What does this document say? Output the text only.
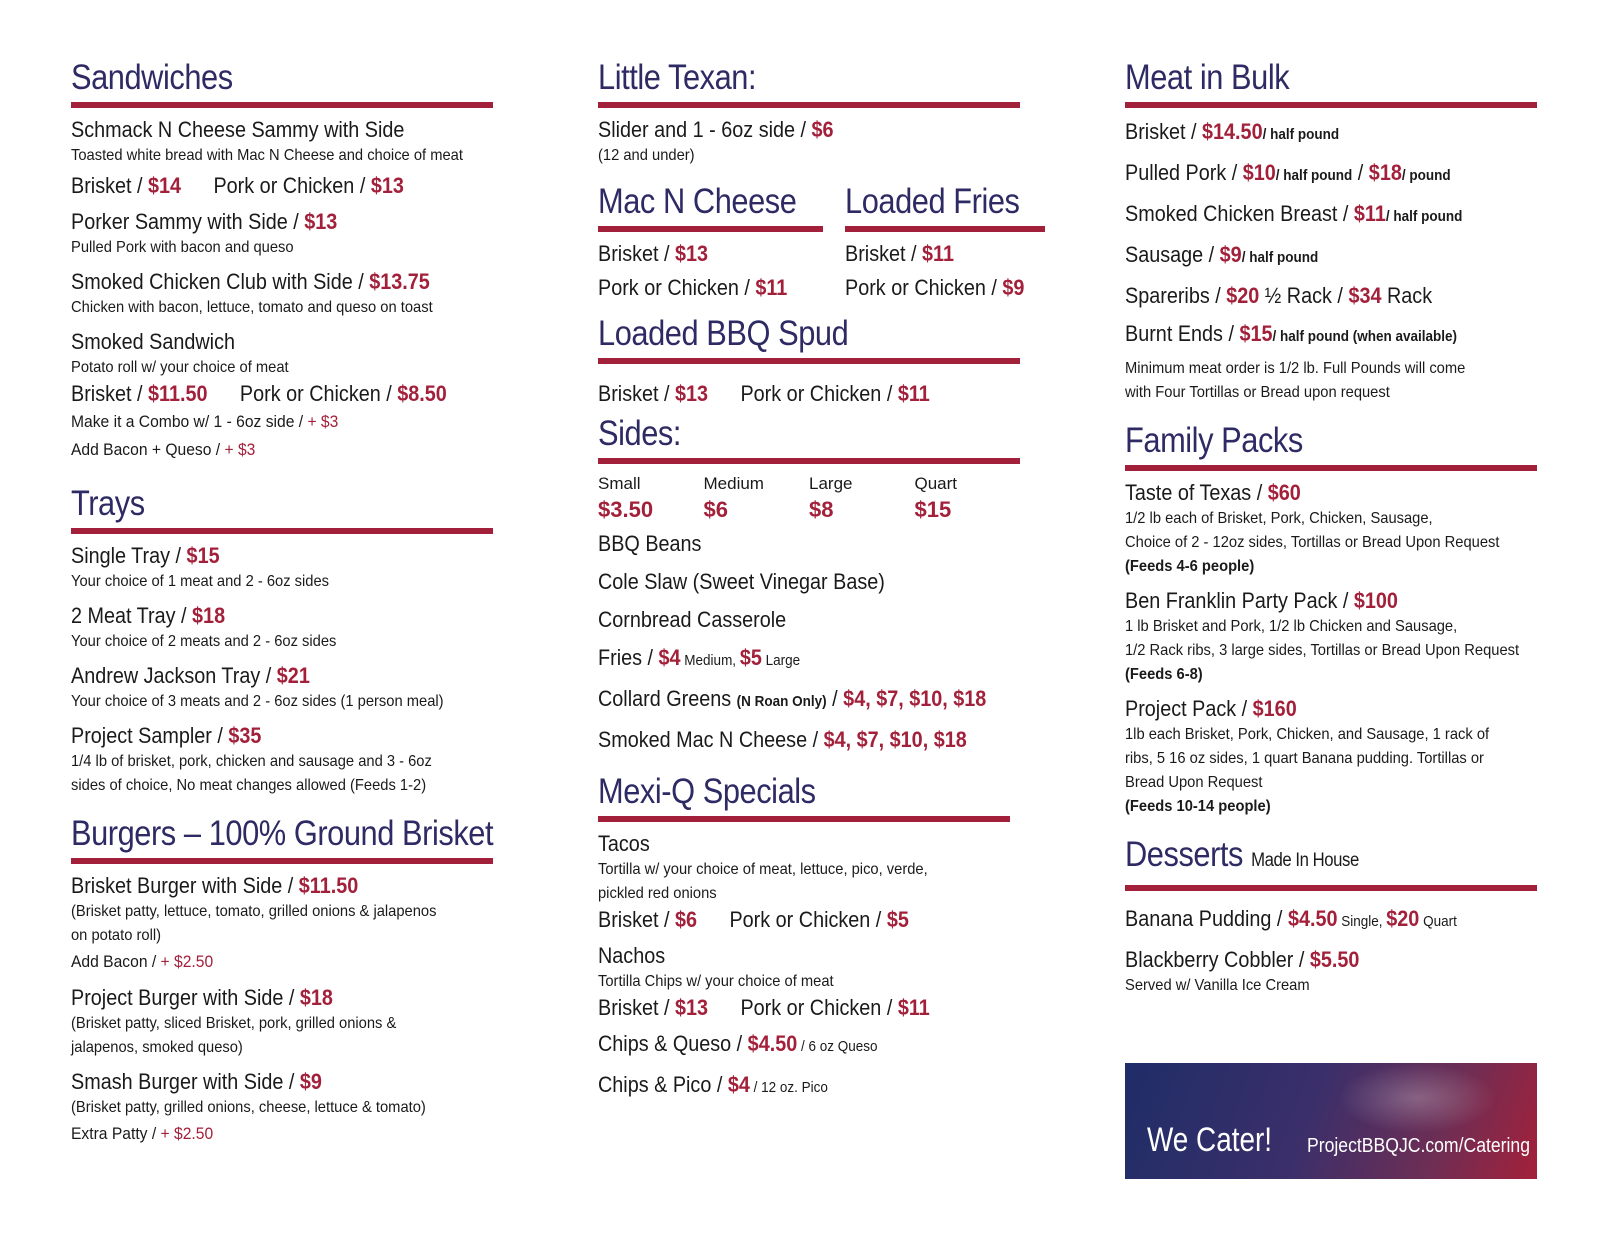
Sandwiches
Schmack N Cheese Sammy with Side
Toasted white bread with Mac N Cheese and choice of meat
Brisket / $14 Pork or Chicken / $13
Porker Sammy with Side / $13
Pulled Pork with bacon and queso
Smoked Chicken Club with Side / $13.75
Chicken with bacon, lettuce, tomato and queso on toast
Smoked Sandwich
Potato roll w/ your choice of meat
Brisket / $11.50 Pork or Chicken / $8.50
Make it a Combo w/ 1 - 6oz side / + $3
Add Bacon + Queso / + $3
Trays
Single Tray / $15
Your choice of 1 meat and 2 - 6oz sides
2 Meat Tray / $18
Your choice of 2 meats and 2 - 6oz sides
Andrew Jackson Tray / $21
Your choice of 3 meats and 2 - 6oz sides (1 person meal)
Project Sampler / $35
1/4 lb of brisket, pork, chicken and sausage and 3 - 6oz
sides of choice, No meat changes allowed (Feeds 1-2)
Burgers – 100% Ground Brisket
Brisket Burger with Side / $11.50
(Brisket patty, lettuce, tomato, grilled onions & jalapenos
on potato roll)
Add Bacon / + $2.50
Project Burger with Side / $18
(Brisket patty, sliced Brisket, pork, grilled onions &
jalapenos, smoked queso)
Smash Burger with Side / $9
(Brisket patty, grilled onions, cheese, lettuce & tomato)
Extra Patty / + $2.50
Little Texan:
Slider and 1 - 6oz side / $6
(12 and under)
Mac N Cheese
Brisket / $13
Pork or Chicken / $11
Loaded Fries
Brisket / $11
Pork or Chicken / $9
Loaded BBQ Spud
Brisket / $13 Pork or Chicken / $11
Sides:
Small
$3.50
Medium
$6
Large
$8
Quart
$15
BBQ Beans
Cole Slaw (Sweet Vinegar Base)
Cornbread Casserole
Fries / $4 Medium, $5 Large
Collard Greens (N Roan Only) / $4, $7, $10, $18
Smoked Mac N Cheese / $4, $7, $10, $18
Mexi-Q Specials
Tacos
Tortilla w/ your choice of meat, lettuce, pico, verde,
pickled red onions
Brisket / $6 Pork or Chicken / $5
Nachos
Tortilla Chips w/ your choice of meat
Brisket / $13 Pork or Chicken / $11
Chips & Queso / $4.50 / 6 oz Queso
Chips & Pico / $4 / 12 oz. Pico
Meat in Bulk
Brisket / $14.50/ half pound
Pulled Pork / $10/ half pound / $18/ pound
Smoked Chicken Breast / $11/ half pound
Sausage / $9/ half pound
Spareribs / $20 ½ Rack / $34 Rack
Burnt Ends / $15/ half pound (when available)
Minimum meat order is 1/2 lb. Full Pounds will come
with Four Tortillas or Bread upon request
Family Packs
Taste of Texas / $60
1/2 lb each of Brisket, Pork, Chicken, Sausage,
Choice of 2 - 12oz sides, Tortillas or Bread Upon Request
(Feeds 4-6 people)
Ben Franklin Party Pack / $100
1 lb Brisket and Pork, 1/2 lb Chicken and Sausage,
1/2 Rack ribs, 3 large sides, Tortillas or Bread Upon Request
(Feeds 6-8)
Project Pack / $160
1lb each Brisket, Pork, Chicken, and Sausage, 1 rack of
ribs, 5 16 oz sides, 1 quart Banana pudding. Tortillas or
Bread Upon Request
(Feeds 10-14 people)
Desserts Made In House
Banana Pudding / $4.50 Single, $20 Quart
Blackberry Cobbler / $5.50
Served w/ Vanilla Ice Cream
We Cater! ProjectBBQJC.com/Catering
